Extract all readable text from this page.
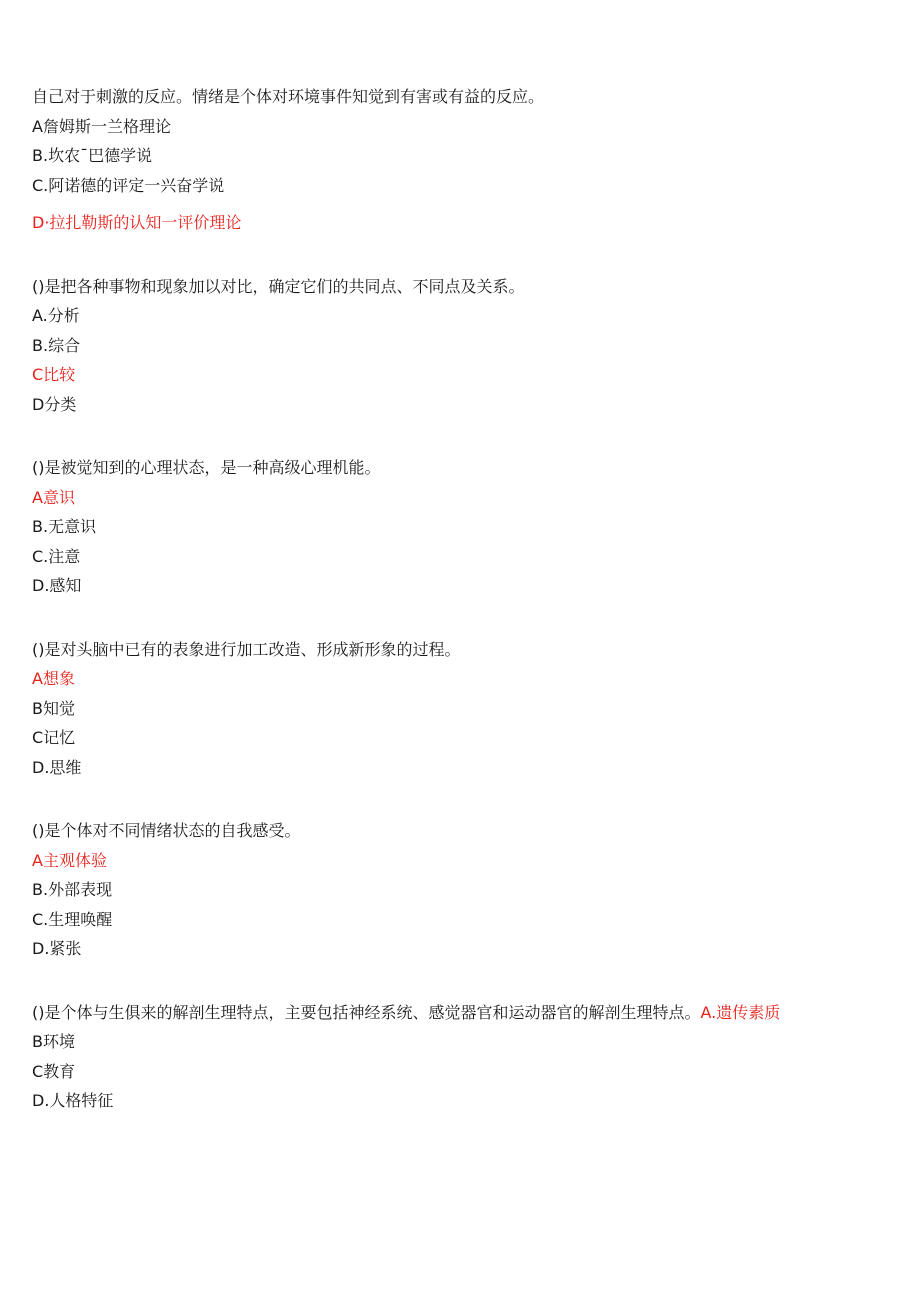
自己对于刺激的反应。情绪是个体对环境事件知觉到有害或有益的反应。
A詹姆斯一兰格理论
B.坎农¯巴德学说
C.阿诺德的评定一兴奋学说
D·拉扎勒斯的认知一评价理论
()是把各种事物和现象加以对比，确定它们的共同点、不同点及关系。
A.分析
B.综合
C比较
D分类
()是被觉知到的心理状态，是一种高级心理机能。
A意识
B.无意识
C.注意
D.感知
()是对头脑中已有的表象进行加工改造、形成新形象的过程。
A想象
B知觉
C记忆
D.思维
()是个体对不同情绪状态的自我感受。
A主观体验
B.外部表现
C.生理唤醒
D.紧张
()是个体与生俱来的解剖生理特点，主要包括神经系统、感觉器官和运动器官的解剖生理特点。A.遗传素质
B环境
C教育
D.人格特征
